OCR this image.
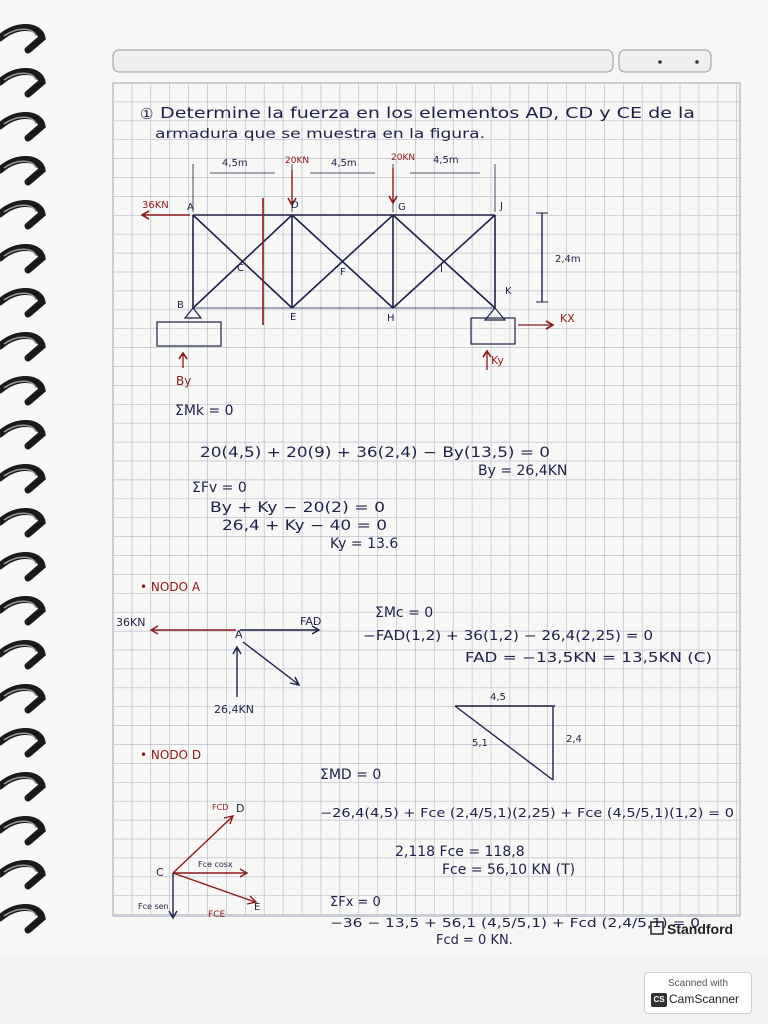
① Determine la fuerza en los elementos AD, CD y CE de la
armadura que se muestra en la figura.
4,5m	4,5m	4,5m
20KN	20KN
36KN
2,4m
A	D	G	J
B
C	F	I
K
E	H
By
Ky
KX
ΣMk = 0
20(4,5) + 20(9) + 36(2,4) − By(13,5) = 0
By = 26,4KN
ΣFv = 0
By + Ky − 20(2) = 0
26,4 + Ky − 40 = 0
Ky = 13.6
• NODO A
36KN	FAD
A
26,4KN
ΣMc = 0
−FAD(1,2) + 36(1,2) − 26,4(2,25) = 0
FAD = −13,5KN = 13,5KN (C)
4,5
2,4
5,1
• NODO D
ΣMD = 0
−26,4(4,5) + Fce (2,4/5,1)(2,25) + Fce (4,5/5,1)(1,2) = 0
2,118 Fce = 118,8
Fce = 56,10 KN (T)
ΣFx = 0
−36 − 13,5 + 56,1 (4,5/5,1) + Fcd (2,4/5,1) = 0
Fcd = 0 KN.
FCD D
C
Fce cosx
Fce sen
FCE
E
Standford
Scanned with
CS CamScanner
